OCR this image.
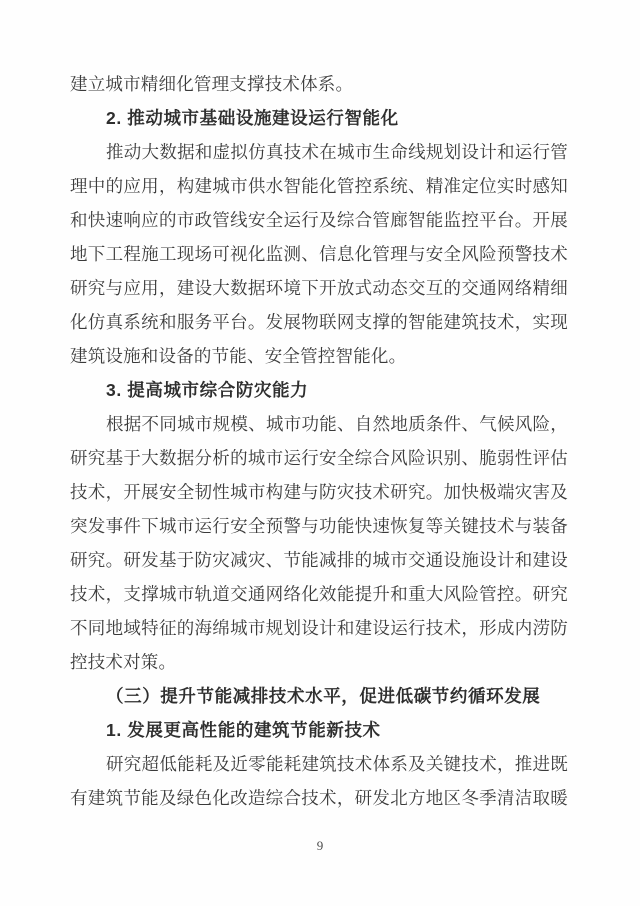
建立城市精细化管理支撑技术体系。
2. 推动城市基础设施建设运行智能化
推动大数据和虚拟仿真技术在城市生命线规划设计和运行管
理中的应用，构建城市供水智能化管控系统、精准定位实时感知
和快速响应的市政管线安全运行及综合管廊智能监控平台。开展
地下工程施工现场可视化监测、信息化管理与安全风险预警技术
研究与应用，建设大数据环境下开放式动态交互的交通网络精细
化仿真系统和服务平台。发展物联网支撑的智能建筑技术，实现
建筑设施和设备的节能、安全管控智能化。
3. 提高城市综合防灾能力
根据不同城市规模、城市功能、自然地质条件、气候风险，
研究基于大数据分析的城市运行安全综合风险识别、脆弱性评估
技术，开展安全韧性城市构建与防灾技术研究。加快极端灾害及
突发事件下城市运行安全预警与功能快速恢复等关键技术与装备
研究。研发基于防灾减灾、节能减排的城市交通设施设计和建设
技术，支撑城市轨道交通网络化效能提升和重大风险管控。研究
不同地域特征的海绵城市规划设计和建设运行技术，形成内涝防
控技术对策。
（三）提升节能减排技术水平，促进低碳节约循环发展
1. 发展更高性能的建筑节能新技术
研究超低能耗及近零能耗建筑技术体系及关键技术，推进既
有建筑节能及绿色化改造综合技术，研发北方地区冬季清洁取暖
9
